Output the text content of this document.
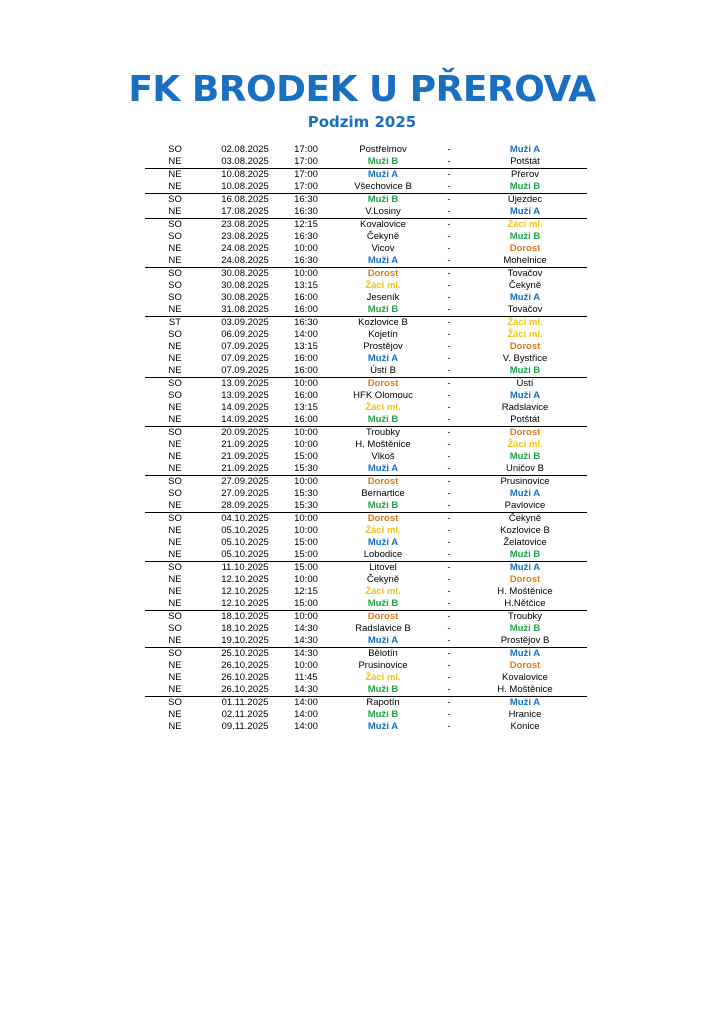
FK BRODEK U PŘEROVA
Podzim 2025
SO	02.08.2025	17:00	Postřelmov	-	Muži A
NE	03.08.2025	17:00	Muži B	-	Potštát
NE	10.08.2025	17:00	Muži A	-	Přerov
NE	10.08.2025	17:00	Všechovice B	-	Muži B
SO	16.08.2025	16:30	Muži B	-	Újezdec
NE	17.08.2025	16:30	V.Losiny	-	Muži A
SO	23.08.2025	12:15	Kovalovice	-	Žáci ml.
SO	23.08.2025	16:30	Čekyně	-	Muži B
NE	24.08.2025	10:00	Vicov	-	Dorost
NE	24.08.2025	16:30	Muži A	-	Mohelnice
SO	30.08.2025	10:00	Dorost	-	Tovačov
SO	30.08.2025	13:15	Žáci ml.	-	Čekyně
SO	30.08.2025	16:00	Jeseník	-	Muži A
NE	31.08.2025	16:00	Muži B	-	Tovačov
ST	03.09.2025	16:30	Kozlovice B	-	Žáci ml.
SO	06.09.2025	14:00	Kojetín	-	Žáci ml.
NE	07.09.2025	13:15	Prostějov	-	Dorost
NE	07.09.2025	16:00	Muži A	-	V. Bystřice
NE	07.09.2025	16:00	Ústí B	-	Muži B
SO	13.09.2025	10:00	Dorost	-	Ústí
SO	13.09.2025	16:00	HFK Olomouc	-	Muži A
NE	14.09.2025	13:15	Žáci ml.	-	Radslavice
NE	14.09.2025	16:00	Muži B	-	Potštát
SO	20.09.2025	10:00	Troubky	-	Dorost
NE	21.09.2025	10:00	H. Moštěnice	-	Žáci ml.
NE	21.09.2025	15:00	Vlkoš	-	Muži B
NE	21.09.2025	15:30	Muži A	-	Uničov B
SO	27.09.2025	10:00	Dorost	-	Prusinovice
SO	27.09.2025	15:30	Bernartice	-	Muži A
NE	28.09.2025	15:30	Muži B	-	Pavlovice
SO	04.10.2025	10:00	Dorost	-	Čekyně
NE	05.10.2025	10:00	Žáci ml.	-	Kozlovice B
NE	05.10.2025	15:00	Muži A	-	Želatovice
NE	05.10.2025	15:00	Lobodice	-	Muži B
SO	11.10.2025	15:00	Litovel	-	Muži A
NE	12.10.2025	10:00	Čekyně	-	Dorost
NE	12.10.2025	12:15	Žáci ml.	-	H. Moštěnice
NE	12.10.2025	15:00	Muži B	-	H.Nětčice
SO	18.10.2025	10:00	Dorost	-	Troubky
SO	18.10.2025	14:30	Radslavice B	-	Muži B
NE	19.10.2025	14:30	Muži A	-	Prostějov B
SO	25.10.2025	14:30	Bělotín	-	Muži A
NE	26.10.2025	10:00	Prusinovice	-	Dorost
NE	26.10.2025	11:45	Žáci ml.	-	Kovalovice
NE	26.10.2025	14:30	Muži B	-	H. Moštěnice
SO	01.11.2025	14:00	Rapotín	-	Muži A
NE	02.11.2025	14:00	Muži B	-	Hranice
NE	09.11.2025	14:00	Muži A	-	Konice
